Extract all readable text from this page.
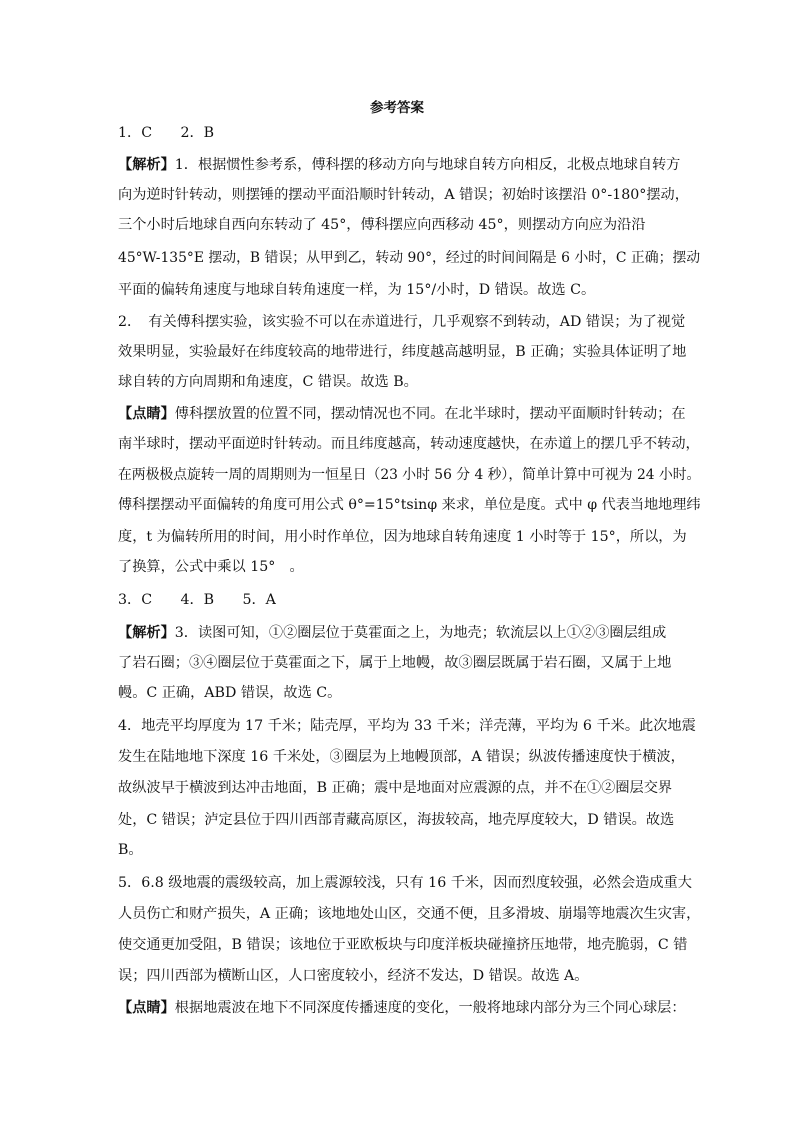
参考答案
1．C　　2．B
【解析】1．根据惯性参考系，傅科摆的移动方向与地球自转方向相反，北极点地球自转方
向为逆时针转动，则摆锤的摆动平面沿顺时针转动，A 错误；初始时该摆沿 0°-180°摆动，
三个小时后地球自西向东转动了 45°，傅科摆应向西移动 45°，则摆动方向应为沿沿
45°W-135°E 摆动，B 错误；从甲到乙，转动 90°，经过的时间间隔是 6 小时，C 正确；摆动
平面的偏转角速度与地球自转角速度一样，为 15°/小时，D 错误。故选 C。
2．　有关傅科摆实验，该实验不可以在赤道进行，几乎观察不到转动，AD 错误；为了视觉
效果明显，实验最好在纬度较高的地带进行，纬度越高越明显，B 正确；实验具体证明了地
球自转的方向周期和角速度，C 错误。故选 B。
【点睛】傅科摆放置的位置不同，摆动情况也不同。在北半球时，摆动平面顺时针转动；在
南半球时，摆动平面逆时针转动。而且纬度越高，转动速度越快，在赤道上的摆几乎不转动，
在两极极点旋转一周的周期则为一恒星日（23 小时 56 分 4 秒），简单计算中可视为 24 小时。
傅科摆摆动平面偏转的角度可用公式 θ°=15°tsinφ 来求，单位是度。式中 φ 代表当地地理纬
度，t 为偏转所用的时间，用小时作单位，因为地球自转角速度 1 小时等于 15°，所以，为
了换算，公式中乘以 15°　。
3．C　　4．B　　5．A
【解析】3．读图可知，①②圈层位于莫霍面之上，为地壳；软流层以上①②③圈层组成
了岩石圈；③④圈层位于莫霍面之下，属于上地幔，故③圈层既属于岩石圈，又属于上地
幔。C 正确，ABD 错误，故选 C。
4．地壳平均厚度为 17 千米；陆壳厚，平均为 33 千米；洋壳薄，平均为 6 千米。此次地震
发生在陆地地下深度 16 千米处，③圈层为上地幔顶部，A 错误；纵波传播速度快于横波，
故纵波早于横波到达冲击地面，B 正确；震中是地面对应震源的点，并不在①②圈层交界
处，C 错误；泸定县位于四川西部青藏高原区，海拔较高，地壳厚度较大，D 错误。故选
B。
5．6.8 级地震的震级较高，加上震源较浅，只有 16 千米，因而烈度较强，必然会造成重大
人员伤亡和财产损失，A 正确；该地地处山区，交通不便，且多滑坡、崩塌等地震次生灾害，
使交通更加受阻，B 错误；该地位于亚欧板块与印度洋板块碰撞挤压地带，地壳脆弱，C 错
误；四川西部为横断山区，人口密度较小，经济不发达，D 错误。故选 A。
【点睛】根据地震波在地下不同深度传播速度的变化，一般将地球内部分为三个同心球层：
